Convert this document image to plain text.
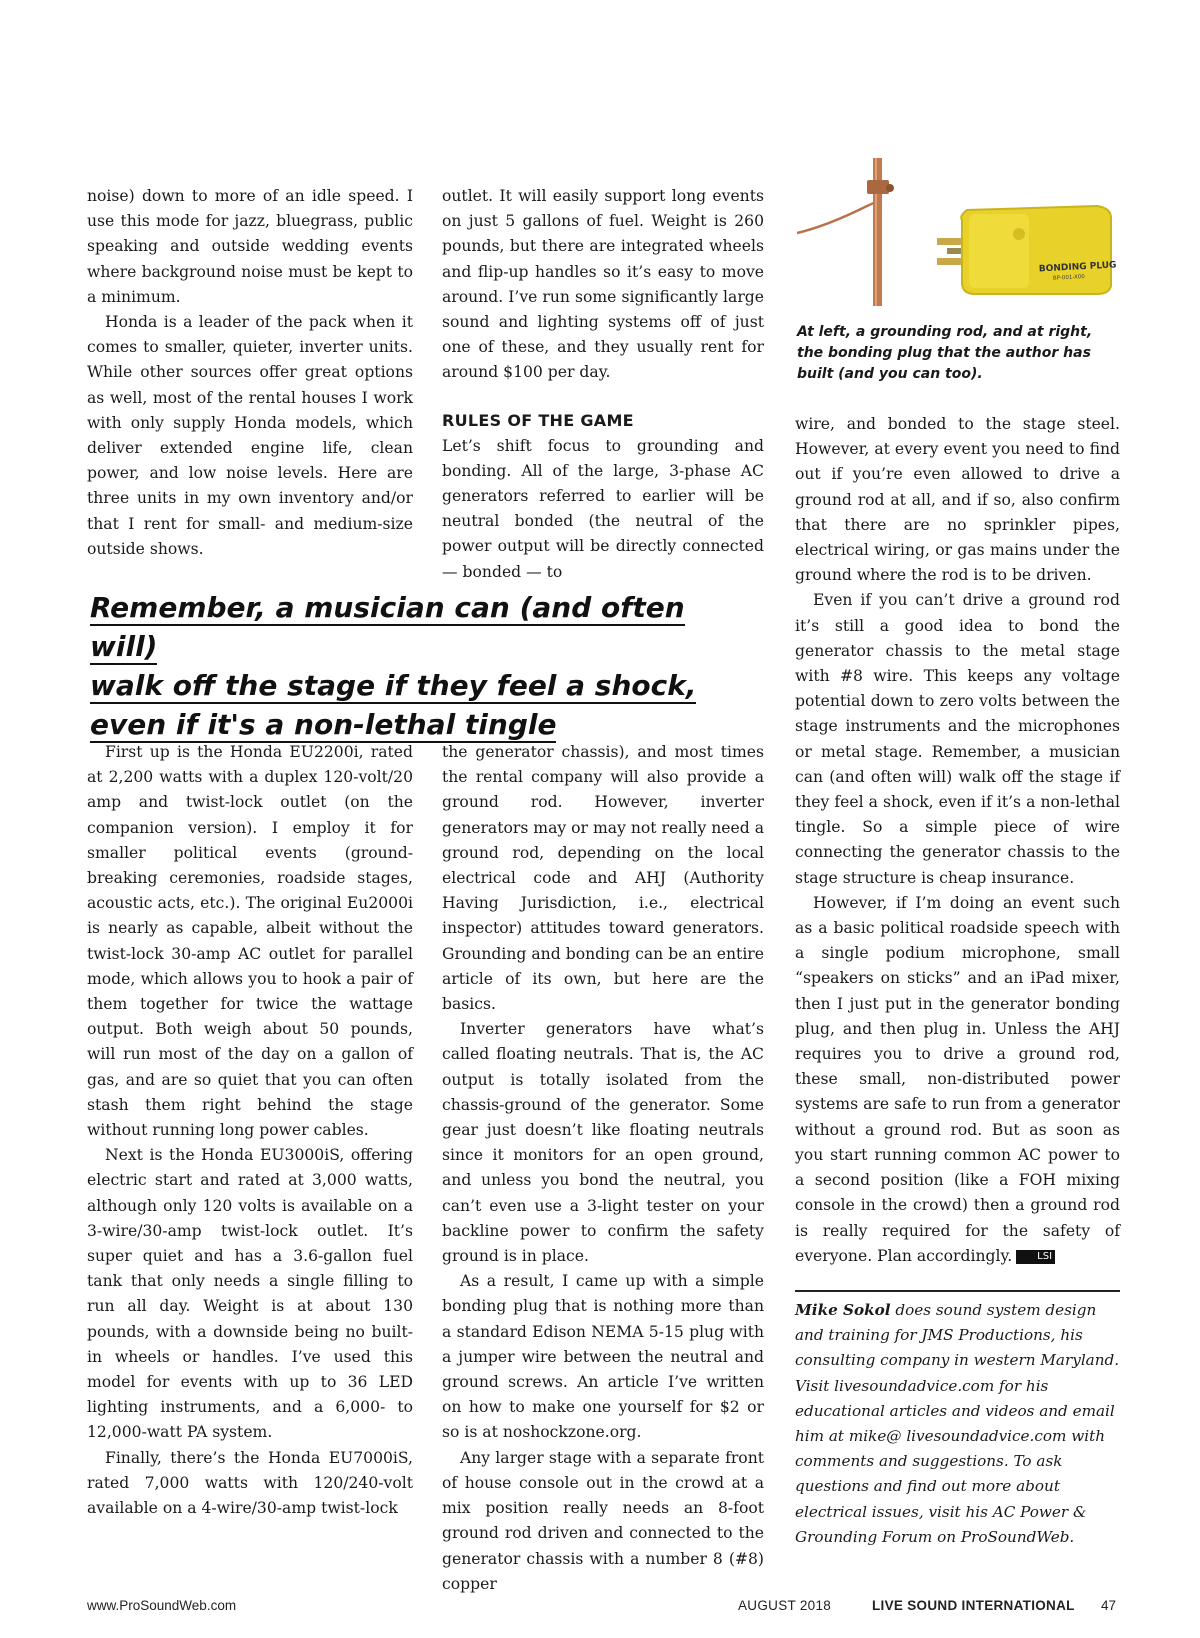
noise) down to more of an idle speed. I use this mode for jazz, bluegrass, public speaking and outside wedding events where background noise must be kept to a minimum.

Honda is a leader of the pack when it comes to smaller, quieter, inverter units. While other sources offer great options as well, most of the rental houses I work with only supply Honda models, which deliver extended engine life, clean power, and low noise levels. Here are three units in my own inventory and/or that I rent for small- and medium-size outside shows.

outlet. It will easily support long events on just 5 gallons of fuel. Weight is 260 pounds, but there are integrated wheels and flip-up handles so it’s easy to move around. I’ve run some significantly large sound and lighting systems off of just one of these, and they usually rent for around $100 per day.

RULES OF THE GAME

Let’s shift focus to grounding and bonding. All of the large, 3-phase AC generators referred to earlier will be neutral bonded (the neutral of the power output will be directly connected — bonded — to

Remember, a musician can (and often will)
walk off the stage if they feel a shock,
even if it's a non-lethal tingle

First up is the Honda EU2200i, rated at 2,200 watts with a duplex 120-volt/20 amp and twist-lock outlet (on the companion version). I employ it for smaller political events (ground-breaking ceremonies, roadside stages, acoustic acts, etc.). The original Eu2000i is nearly as capable, albeit without the twist-lock 30-amp AC outlet for parallel mode, which allows you to hook a pair of them together for twice the wattage output. Both weigh about 50 pounds, will run most of the day on a gallon of gas, and are so quiet that you can often stash them right behind the stage without running long power cables.

Next is the Honda EU3000iS, offering electric start and rated at 3,000 watts, although only 120 volts is available on a 3-wire/30-amp twist-lock outlet. It’s super quiet and has a 3.6-gallon fuel tank that only needs a single filling to run all day. Weight is at about 130 pounds, with a downside being no built-in wheels or handles. I’ve used this model for events with up to 36 LED lighting instruments, and a 6,000- to 12,000-watt PA system.

Finally, there’s the Honda EU7000iS, rated 7,000 watts with 120/240-volt available on a 4-wire/30-amp twist-lock

the generator chassis), and most times the rental company will also provide a ground rod. However, inverter generators may or may not really need a ground rod, depending on the local electrical code and AHJ (Authority Having Jurisdiction, i.e., electrical inspector) attitudes toward generators. Grounding and bonding can be an entire article of its own, but here are the basics.

Inverter generators have what’s called floating neutrals. That is, the AC output is totally isolated from the chassis-ground of the generator. Some gear just doesn’t like floating neutrals since it monitors for an open ground, and unless you bond the neutral, you can’t even use a 3-light tester on your backline power to confirm the safety ground is in place.

As a result, I came up with a simple bonding plug that is nothing more than a standard Edison NEMA 5-15 plug with a jumper wire between the neutral and ground screws. An article I’ve written on how to make one yourself for $2 or so is at noshockzone.org.

Any larger stage with a separate front of house console out in the crowd at a mix position really needs an 8-foot ground rod driven and connected to the generator chassis with a number 8 (#8) copper

BONDING PLUG
BP-001-X00
At left, a grounding rod, and at right, the bonding plug that the author has built (and you can too).

wire, and bonded to the stage steel. However, at every event you need to find out if you’re even allowed to drive a ground rod at all, and if so, also confirm that there are no sprinkler pipes, electrical wiring, or gas mains under the ground where the rod is to be driven.

Even if you can’t drive a ground rod it’s still a good idea to bond the generator chassis to the metal stage with #8 wire. This keeps any voltage potential down to zero volts between the stage instruments and the microphones or metal stage. Remember, a musician can (and often will) walk off the stage if they feel a shock, even if it’s a non-lethal tingle. So a simple piece of wire connecting the generator chassis to the stage structure is cheap insurance.

However, if I’m doing an event such as a basic political roadside speech with a single podium microphone, small “speakers on sticks” and an iPad mixer, then I just put in the generator bonding plug, and then plug in. Unless the AHJ requires you to drive a ground rod, these small, non-distributed power systems are safe to run from a generator without a ground rod. But as soon as you start running common AC power to a second position (like a FOH mixing console in the crowd) then a ground rod is really required for the safety of everyone. Plan accordingly.	LSI

Mike Sokol does sound system design and training for JMS Productions, his consulting company in western Maryland. Visit livesoundadvice.com for his educational articles and videos and email him at mike@ livesoundadvice.com with comments and suggestions. To ask questions and find out more about electrical issues, visit his AC Power & Grounding Forum on ProSoundWeb.
www.ProSoundWeb.com	AUGUST 2018	LIVE SOUND INTERNATIONAL 47
